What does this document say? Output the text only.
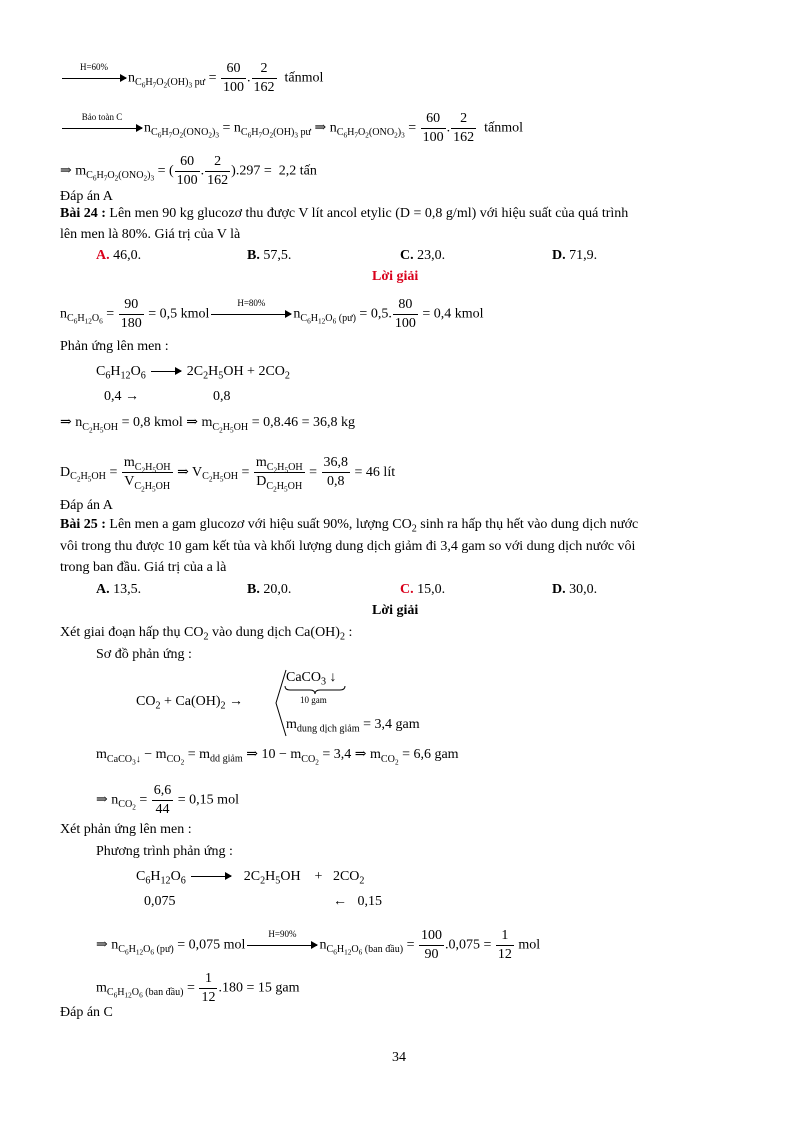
H=60%
$n_{C_6H_7O_2(OH)_3 pư} = \frac{60}{100}$ . $\frac{2}{162}$ tấnmol
Bảo toàn C
$n_{C_6H_7O_2(ONO_2)_3} = n_{C_6H_7O_2(OH)_3 pư}$ ⇒ $n_{C_6H_7O_2(ONO_2)_3} = \frac{60}{100}$ . $\frac{2}{162}$ tấnmol
⇒ $m_{C_6H_7O_2(ONO_2)_3}$ = ( $\frac{60}{100}$ . $\frac{2}{162} ).297 = 2,2$ tấn
Đáp án A
Bài 24 : Lên men 90 kg glucozơ thu được V lít ancol etylic (D = 0,8 g/ml) với hiệu suất của quá trình
lên men là 80%. Giá trị của V là
A. 46,0.	B. 57,5.	C. 23,0.	D. 71,9.
Lời giải
$n_{C_6H_{12}O_6} = \frac{90}{180} = 0,5$ kmol
H=80%
$n_{C_6H_{12}O_6 (pư)} = 0,5$. $\frac{80}{100} = 0,4$ kmol
Phản ứng lên men :
$C_6H_{12}O_6$	$2C_2H_5OH + 2CO_2$
0,4 →	0,8
⇒ $n_{C_2H_5OH} = 0,8$ kmol ⇒ $m_{C_2H_5OH} = 0,8.46 = 36,8$ kg
$D_{C_2H_5OH} = \frac{m_{C_2H_5OH}}{V_{C_2H_5OH}}$ ⇒ $V_{C_2H_5OH} = \frac{m_{C_2H_5OH}}{D_{C_2H_5OH}} = \frac{36,8}{0,8} = 46$ lít
Đáp án A
Bài 25 : Lên men a gam glucozơ với hiệu suất 90%, lượng $CO_2$ sinh ra hấp thụ hết vào dung dịch nước
vôi trong thu được 10 gam kết tủa và khối lượng dung dịch giảm đi 3,4 gam so với dung dịch nước vôi
trong ban đầu. Giá trị của a là
A. 13,5.	B. 20,0.	C. 15,0.	D. 30,0.
Lời giải
Xét giai đoạn hấp thụ $CO_2$ vào dung dịch $Ca(OH)_2$ :
Sơ đồ phản ứng :
$CO_2 + Ca(OH)_2$ →
CaCO$_3$ ↓
10 gam
$m_{dung dịch giảm} = 3,4$ gam
$m_{CaCO_3↓} - m_{CO_2} = m_{dd giảm}$ ⇒ $10 - m_{CO_2} = 3,4$ ⇒ $m_{CO_2} = 6,6$ gam
⇒ $n_{CO_2} = \frac{6,6}{44} = 0,15$ mol
Xét phản ứng lên men :
Phương trình phản ứng :
$C_6H_{12}O_6$	$2C_2H_5OH$    +   $2CO_2$
0,075	←   0,15
⇒ $n_{C_6H_{12}O_6 (pư)} = 0,075$ mol
H=90%
$n_{C_6H_{12}O_6 (ban đầu)} = \frac{100}{90} .0,075 = \frac{1}{12}$ mol
$m_{C_6H_{12}O_6 (ban đầu)} = \frac{1}{12} .180 = 15$ gam
Đáp án C
34
